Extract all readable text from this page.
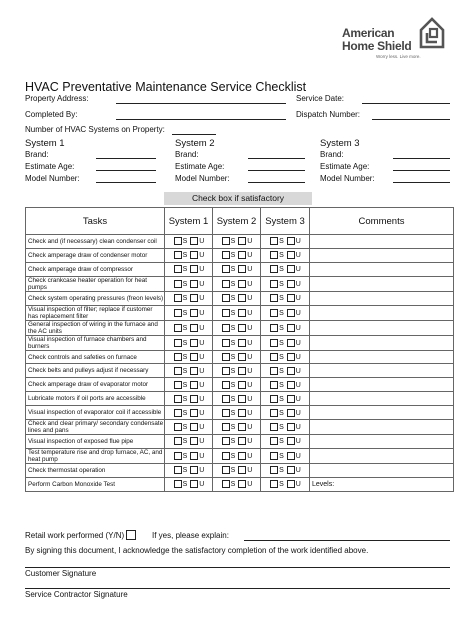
American
Home Shield
Worry less. Live more.
HVAC Preventative Maintenance Service Checklist
Property Address:	Service Date:
Completed By:	Dispatch Number:
Number of HVAC Systems on Property:
System 1
Brand:
Estimate Age:
Model Number:
System 2
Brand:
Estimate Age:
Model Number:
System 3
Brand:
Estimate Age:
Model Number:
Check box if satisfactory
Tasks	System 1	System 2	System 3	Comments
Check and (if necessary) clean condenser coil	S U	S U	S U	
Check amperage draw of condenser motor	S U	S U	S U	
Check amperage draw of compressor	S U	S U	S U	
Check crankcase heater operation for heat pumps	S U	S U	S U	
Check system operating pressures (freon levels)	S U	S U	S U	
Visual inspection of filter; replace if customer has replacement filter	S U	S U	S U	
General inspection of wiring in the furnace and the AC units	S U	S U	S U	
Visual inspection of furnace chambers and burners	S U	S U	S U	
Check controls and safeties on furnace	S U	S U	S U	
Check belts and pulleys adjust if necessary	S U	S U	S U	
Check amperage draw of evaporator motor	S U	S U	S U	
Lubricate motors if oil ports are accessible	S U	S U	S U	
Visual inspection of evaporator coil if accessible	S U	S U	S U	
Check and clear primary/ secondary condensate lines and pans	S U	S U	S U	
Visual inspection of exposed flue pipe	S U	S U	S U	
Test temperature rise and drop furnace, AC, and heat pump	S U	S U	S U	
Check thermostat operation	S U	S U	S U	
Perform Carbon Monoxide Test	S U	S U	S U	Levels:
Retail work performed (Y/N)	If yes, please explain:
By signing this document, I acknowledge the satisfactory completion of the work identified above.
Customer Signature
Service Contractor Signature
